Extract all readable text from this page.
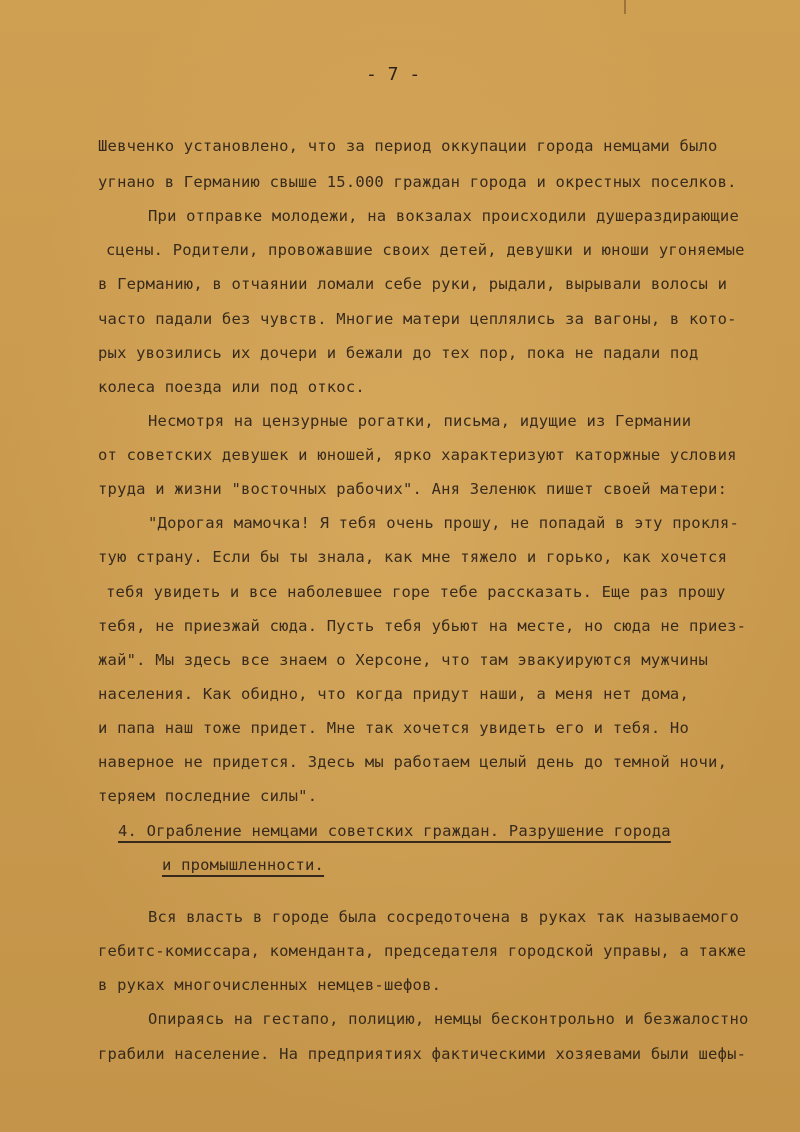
- 7 -
Шевченко установлено, что за период оккупации города немцами было
угнано в Германию свыше 15.000 граждан города и окрестных поселков.
При отправке молодежи, на вокзалах происходили душераздирающие
сцены. Родители, провожавшие своих детей, девушки и юноши угоняемые
в Германию, в отчаянии ломали себе руки, рыдали, вырывали волосы и
часто падали без чувств. Многие матери цеплялись за вагоны, в кото-
рых увозились их дочери и бежали до тех пор, пока не падали под
колеса поезда или под откос.
Несмотря на цензурные рогатки, письма, идущие из Германии
от советских девушек и юношей, ярко характеризуют каторжные условия
труда и жизни "восточных рабочих". Аня Зеленюк пишет своей матери:
"Дорогая мамочка! Я тебя очень прошу, не попадай в эту прокля-
тую страну. Если бы ты знала, как мне тяжело и горько, как хочется
тебя увидеть и все наболевшее горе тебе рассказать. Еще раз прошу
тебя, не приезжай сюда. Пусть тебя убьют на месте, но сюда не приез-
жай". Мы здесь все знаем о Херсоне, что там эвакуируются мужчины
населения. Как обидно, что когда придут наши, а меня нет дома,
и папа наш тоже придет. Мне так хочется увидеть его и тебя. Но
наверное не придется. Здесь мы работаем целый день до темной ночи,
теряем последние силы".
4. Ограбление немцами советских граждан. Разрушение города
и промышленности.
Вся власть в городе была сосредоточена в руках так называемого
гебитс-комиссара, коменданта, председателя городской управы, а также
в руках многочисленных немцев-шефов.
Опираясь на гестапо, полицию, немцы бесконтрольно и безжалостно
грабили население. На предприятиях фактическими хозяевами были шефы-
